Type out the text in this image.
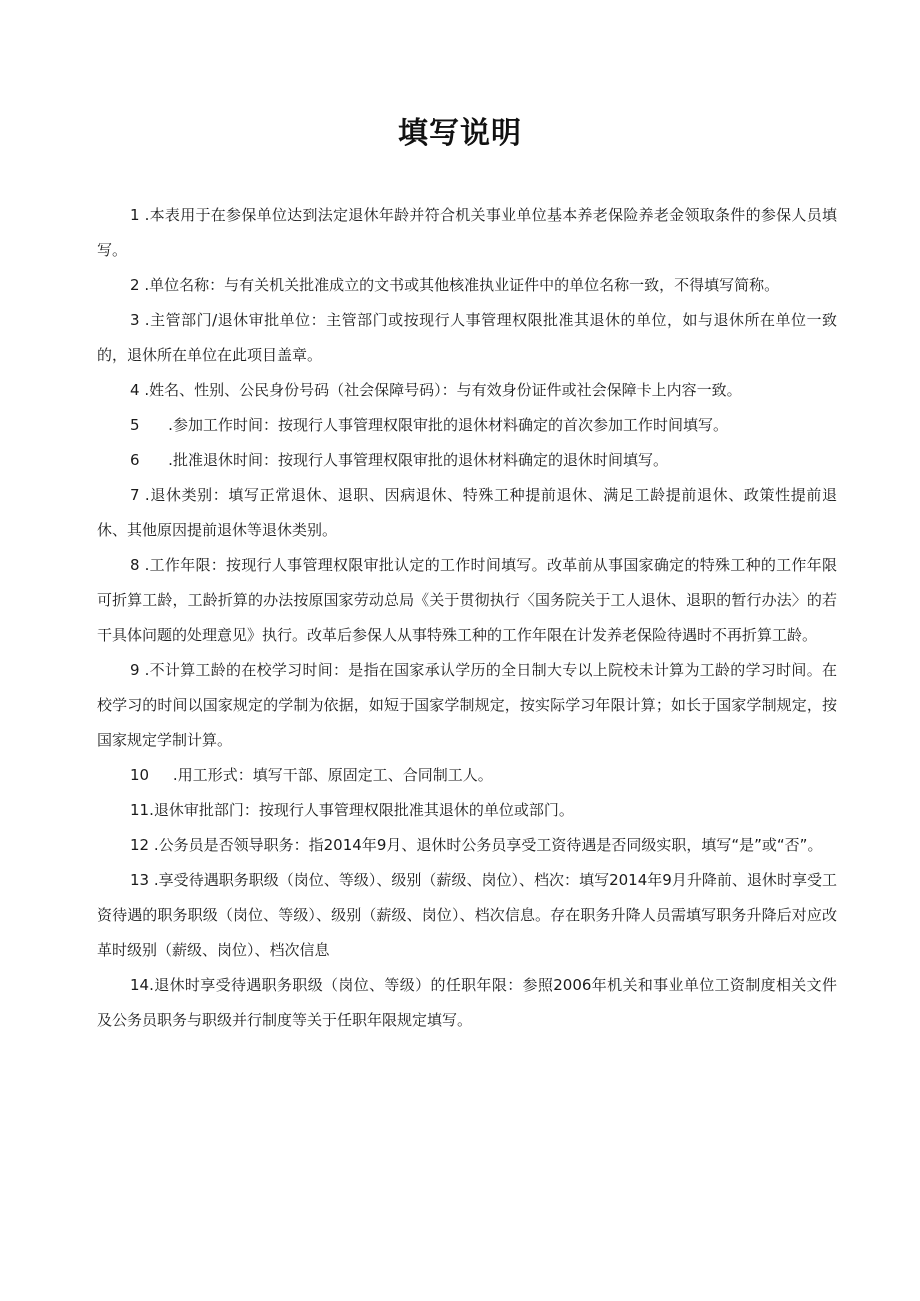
填写说明

1 .本表用于在参保单位达到法定退休年龄并符合机关事业单位基本养老保险养老金领取条件的参保人员填写。

2 .单位名称：与有关机关批准成立的文书或其他核准执业证件中的单位名称一致，不得填写简称。

3 .主管部门/退休审批单位：主管部门或按现行人事管理权限批准其退休的单位，如与退休所在单位一致的，退休所在单位在此项目盖章。

4 .姓名、性别、公民身份号码（社会保障号码）：与有效身份证件或社会保障卡上内容一致。

5      .参加工作时间：按现行人事管理权限审批的退休材料确定的首次参加工作时间填写。

6      .批准退休时间：按现行人事管理权限审批的退休材料确定的退休时间填写。

7 .退休类别：填写正常退休、退职、因病退休、特殊工种提前退休、满足工龄提前退休、政策性提前退休、其他原因提前退休等退休类别。

8 .工作年限：按现行人事管理权限审批认定的工作时间填写。改革前从事国家确定的特殊工种的工作年限可折算工龄，工龄折算的办法按原国家劳动总局《关于贯彻执行〈国务院关于工人退休、退职的暂行办法〉的若干具体问题的处理意见》执行。改革后参保人从事特殊工种的工作年限在计发养老保险待遇时不再折算工龄。

9 .不计算工龄的在校学习时间：是指在国家承认学历的全日制大专以上院校未计算为工龄的学习时间。在校学习的时间以国家规定的学制为依据，如短于国家学制规定，按实际学习年限计算；如长于国家学制规定，按国家规定学制计算。

10     .用工形式：填写干部、原固定工、合同制工人。

11.退休审批部门：按现行人事管理权限批准其退休的单位或部门。

12 .公务员是否领导职务：指2014年9月、退休时公务员享受工资待遇是否同级实职，填写“是”或“否”。

13 .享受待遇职务职级（岗位、等级）、级别（薪级、岗位）、档次：填写2014年9月升降前、退休时享受工资待遇的职务职级（岗位、等级）、级别（薪级、岗位）、档次信息。存在职务升降人员需填写职务升降后对应改革时级别（薪级、岗位）、档次信息

14.退休时享受待遇职务职级（岗位、等级）的任职年限：参照2006年机关和事业单位工资制度相关文件及公务员职务与职级并行制度等关于任职年限规定填写。
